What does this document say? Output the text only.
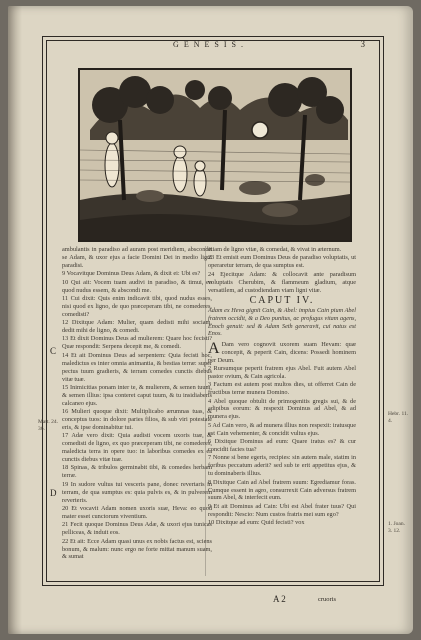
GENESIS.	3

ambulantis in paradiso ad auram post meridiem, abscondit se Adam, & uxor ejus a facie Domini Dei in medio ligni paradisi.

9 Vocavitque Dominus Deus Adam, & dixit ei: Ubi es?

10 Qui ait: Vocem tuam audivi in paradiso, & timui, eo quod nudus essem, & abscondi me.

11 Cui dixit: Quis enim indicavit tibi, quod nudus esses, nisi quod ex ligno, de quo præceperam tibi, ne comederes, comedisti?

12 Dixitque Adam: Mulier, quam dedisti mihi sociam, dedit mihi de ligno, & comedi.

13 Et dixit Dominus Deus ad mulierem: Quare hoc fecisti? Quæ respondit: Serpens decepit me, & comedi.

14 Et ait Dominus Deus ad serpentem: Quia fecisti hoc, maledictus es inter omnia animantia, & bestias terræ: super pectus tuum gradieris, & terram comedes cunctis diebus vitæ tuæ.

15 Inimicitias ponam inter te, & mulierem, & semen tuum, & semen illius: ipsa conteret caput tuum, & tu insidiaberis calcaneo ejus.

16 Mulieri quoque dixit: Multiplicabo ærumnas tuas, & conceptus tuos: in dolore paries filios, & sub viri potestate eris, & ipse dominabitur tui.

17 Adæ vero dixit: Quia audisti vocem uxoris tuæ, & comedisti de ligno, ex quo præceperam tibi, ne comederes, maledicta terra in opere tuo: in laboribus comedes ex ea cunctis diebus vitæ tuæ.

18 Spinas, & tribulos germinabit tibi, & comedes herbam terræ.

19 In sudore vultus tui vesceris pane, donec revertaris in terram, de qua sumptus es: quia pulvis es, & in pulverem reverteris.

20 Et vocavit Adam nomen uxoris suæ, Heva: eo quod mater esset cunctorum viventium.

21 Fecit quoque Dominus Deus Adæ, & uxori ejus tunicas pelliceas, & induit eos.

22 Et ait: Ecce Adam quasi unus ex nobis factus est, sciens bonum, & malum: nunc ergo ne forte mittat manum suam, & sumat

etiam de ligno vitæ, & comedat, & vivat in æternum.

23 Et emisit eum Dominus Deus de paradiso voluptatis, ut operaretur terram, de qua sumptus est.

24 Ejecitque Adam: & collocavit ante paradisum voluptatis Cherubim, & flammeum gladium, atque versatilem, ad custodiendam viam ligni vitæ.

CAPUT IV.
Adam ex Heva gignit Cain, & Abel: impius Cain pium Abel fratrem occidit, & a Deo punitus, ac profugus vitam agens, Enoch genuit: sed & Adam Seth generavit, cui natus est Enos.

A Dam vero cognovit uxorem suam Hevam: quæ concepit, & peperit Cain, dicens: Possedi hominem per Deum.

2 Rursumque peperit fratrem ejus Abel. Fuit autem Abel pastor ovium, & Cain agricola.

3 Factum est autem post multos dies, ut offerret Cain de fructibus terræ munera Domino.

4 Abel quoque obtulit de primogenitis gregis sui, & de adipibus eorum: & respexit Dominus ad Abel, & ad munera ejus.

5 Ad Cain vero, & ad munera illius non respexit: iratusque est Cain vehementer, & concidit vultus ejus.

6 Dixitque Dominus ad eum: Quare iratus es? & cur concidit facies tua?

7 Nonne si bene egeris, recipies: sin autem male, statim in foribus peccatum aderit? sed sub te erit appetitus ejus, & tu dominaberis illius.

8 Dixitque Cain ad Abel fratrem suum: Egrediamur foras. Cumque essent in agro, consurrexit Cain adversus fratrem suum Abel, & interfecit eum.

9 Et ait Dominus ad Cain: Ubi est Abel frater tuus? Qui respondit: Nescio: Num custos fratris mei sum ego?

10 Dixitque ad eum: Quid fecisti? vox

C
D
Matt. 24. 36.
Hebr. 11. 4.
1. Joan. 3. 12.
A 2	cruoris
